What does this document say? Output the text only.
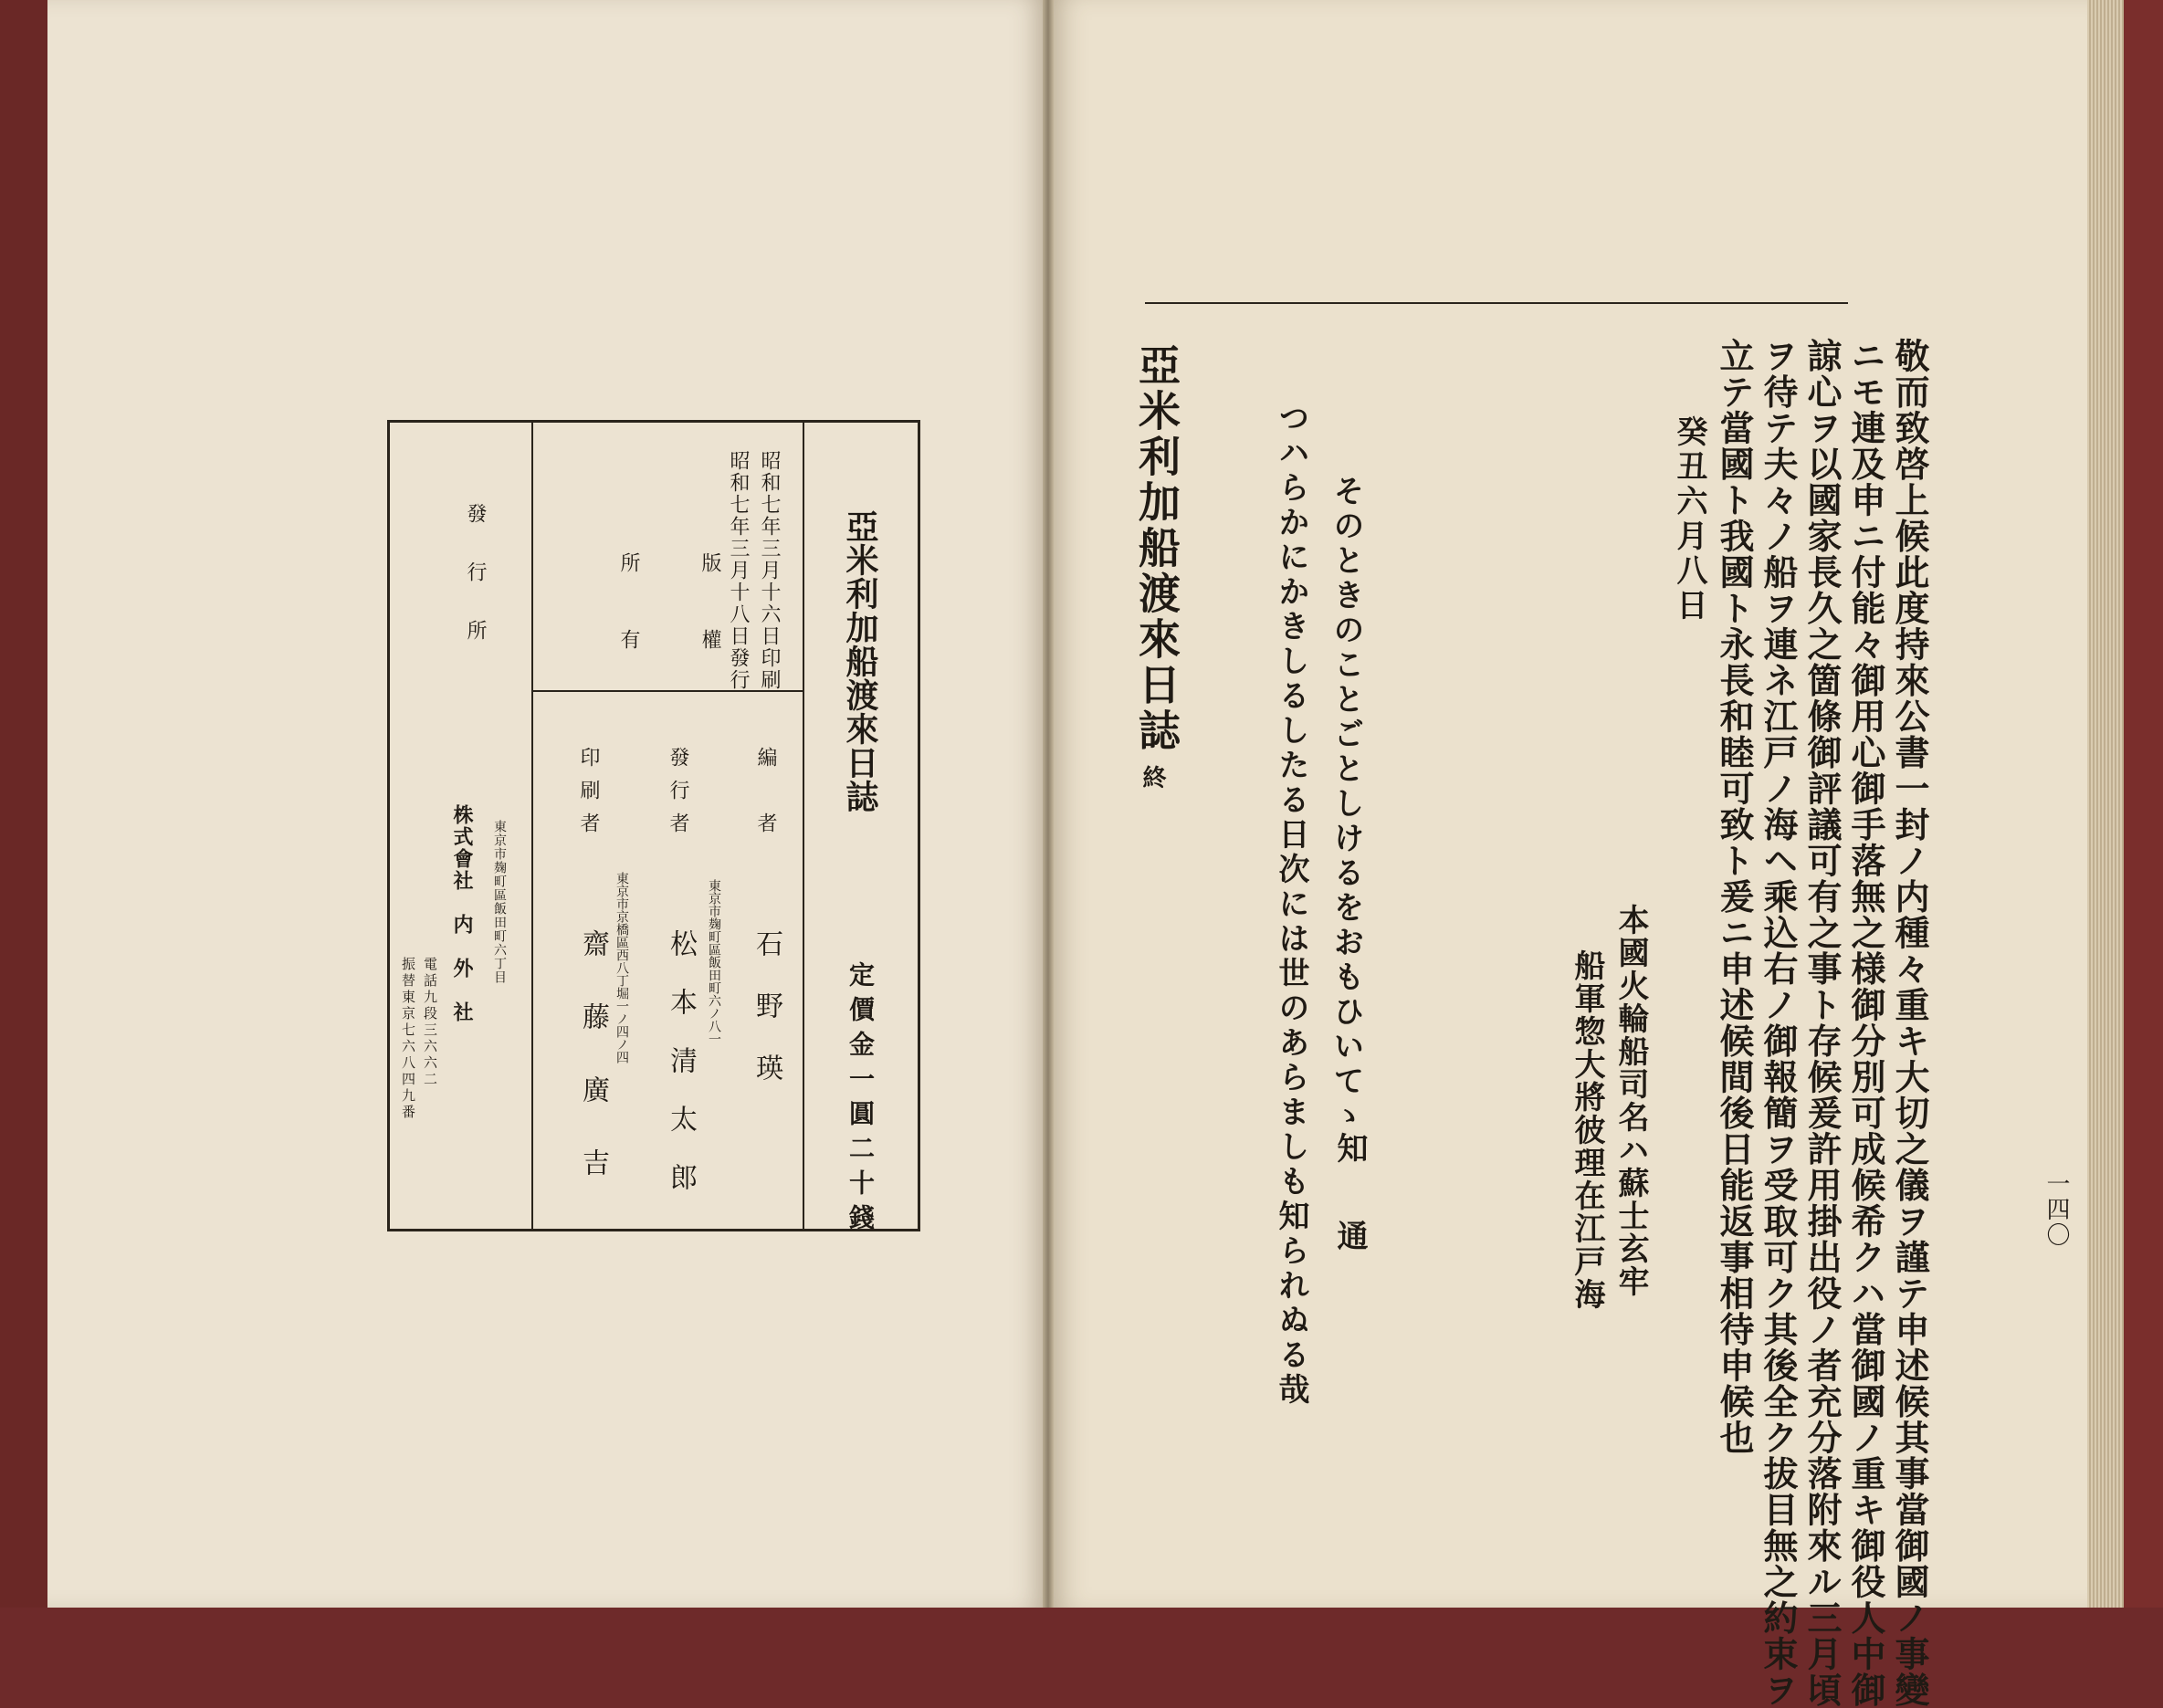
亞米利加船渡來日誌
定價金一圓二十錢
昭和七年三月十六日印刷
昭和七年三月十八日發行
版　權
所　有
編　者
石　野　瑛
發行者
東京市麹町區飯田町六ノ八一
松　本　清　太　郎
印刷者
東京市京橋區西八丁堀一ノ四ノ四
齋　藤　廣　吉
發　行　所
東京市麹町區飯田町六丁目
株式會社　内　外　社
電話九段三六六二
振替東京七六八四九番
一四〇
敬而致啓上候此度持來公書一封ノ内種々重キ大切之儀ヲ謹テ申述候其事當御國ノ事變
ニモ連及申ニ付能々御用心御手落無之様御分別可成候希クハ當御國ノ重キ御役人中御
諒心ヲ以國家長久之箇條御評議可有之事ト存候爰許用掛出役ノ者充分落附來ル三月頃
ヲ待テ夫々ノ船ヲ連ネ江戸ノ海ヘ乘込右ノ御報簡ヲ受取可ク其後全ク拔目無之約束ヲ
立テ當國ト我國ト永長和睦可致ト爰ニ申述候間後日能返事相待申候也
癸丑六月八日
本國火輪船司名ハ蘇士玄牢
船軍惣大將彼理在江戸海
そのときのことごとしけるをおもひいてゝ
知　通
つハらかにかきしるしたる日次には世のあらましも知られぬる哉
亞米利加船渡來日誌
終
